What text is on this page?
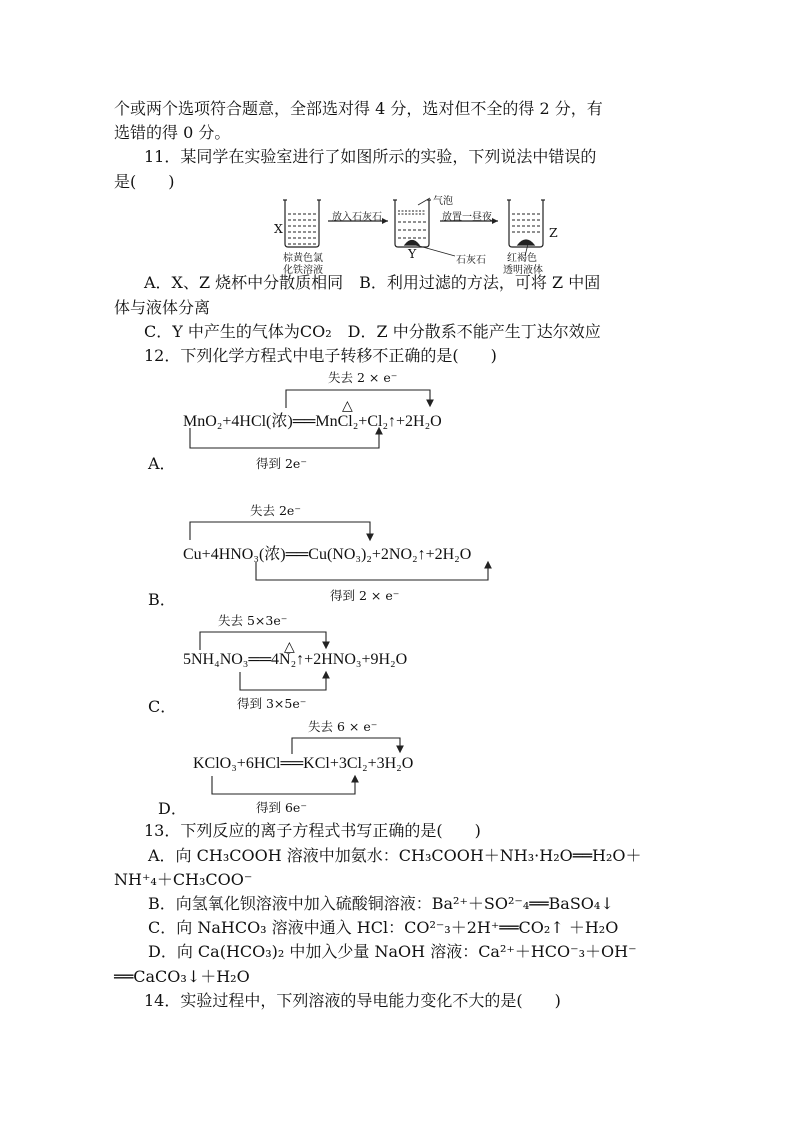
个或两个选项符合题意，全部选对得 4 分，选对但不全的得 2 分，有
选错的得 0 分。
11．某同学在实验室进行了如图所示的实验，下列说法中错误的
是(　　)
X
Y
Z
放入石灰石	放置一昼夜
气泡
石灰石
棕黄色氯
化铁溶液
红褐色
透明液体
A．X、Z 烧杯中分散质相同　B．利用过滤的方法，可将 Z 中固
体与液体分离
C．Y 中产生的气体为CO₂　D．Z 中分散系不能产生丁达尔效应
12．下列化学方程式中电子转移不正确的是(　　)
失去 2 × e⁻
△
MnO₂+4HCl(浓)══MnCl₂+Cl₂↑+2H₂O
A．	得到 2e⁻
失去 2e⁻
Cu+4HNO₃(浓)══Cu(NO₃)₂+2NO₂↑+2H₂O
得到 2 × e⁻
B．
失去 5×3e⁻
△
5NH₄NO₃══4N₂↑+2HNO₃+9H₂O
得到 3×5e⁻
C．
失去 6 × e⁻
KClO₃+6HCl══KCl+3Cl₂+3H₂O
D．	得到 6e⁻
13．下列反应的离子方程式书写正确的是(　　)
A．向 CH₃COOH 溶液中加氨水：CH₃COOH＋NH₃·H₂O══H₂O＋
NH⁺₄＋CH₃COO⁻
B．向氢氧化钡溶液中加入硫酸铜溶液：Ba²⁺＋SO²⁻₄══BaSO₄↓
C．向 NaHCO₃ 溶液中通入 HCl：CO²⁻₃＋2H⁺══CO₂↑ ＋H₂O
D．向 Ca(HCO₃)₂ 中加入少量 NaOH 溶液：Ca²⁺＋HCO⁻₃＋OH⁻
══CaCO₃↓＋H₂O
14．实验过程中，下列溶液的导电能力变化不大的是(　　)
